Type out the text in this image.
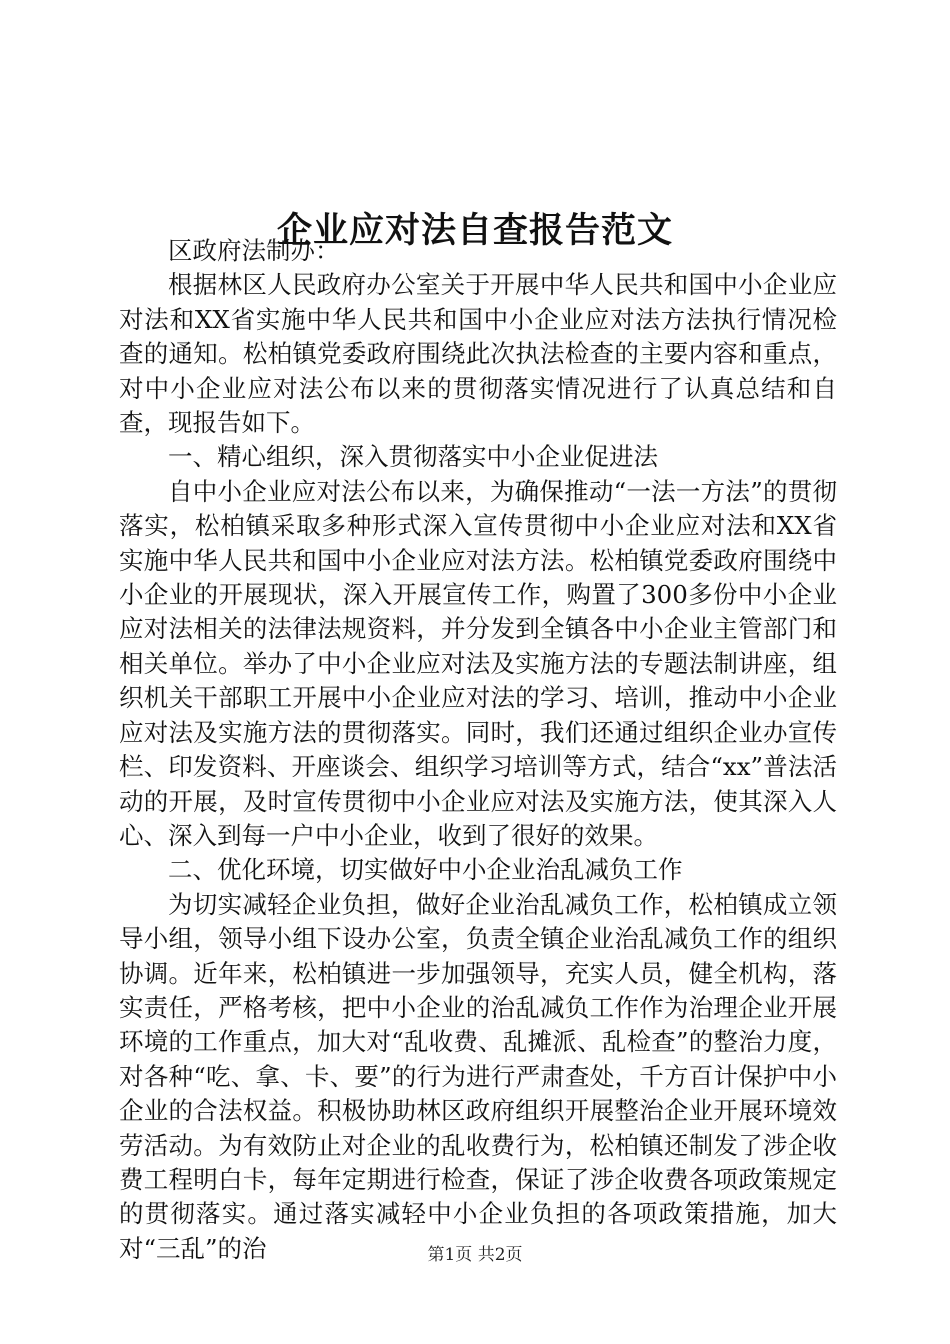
企业应对法自查报告范文

区政府法制办：

根据林区人民政府办公室关于开展中华人民共和国中小企业应对法和XX省实施中华人民共和国中小企业应对法方法执行情况检查的通知。松柏镇党委政府围绕此次执法检查的主要内容和重点，对中小企业应对法公布以来的贯彻落实情况进行了认真总结和自查，现报告如下。

一、精心组织，深入贯彻落实中小企业促进法

自中小企业应对法公布以来，为确保推动“一法一方法”的贯彻落实，松柏镇采取多种形式深入宣传贯彻中小企业应对法和XX省实施中华人民共和国中小企业应对法方法。松柏镇党委政府围绕中小企业的开展现状，深入开展宣传工作，购置了300多份中小企业应对法相关的法律法规资料，并分发到全镇各中小企业主管部门和相关单位。举办了中小企业应对法及实施方法的专题法制讲座，组织机关干部职工开展中小企业应对法的学习、培训，推动中小企业应对法及实施方法的贯彻落实。同时，我们还通过组织企业办宣传栏、印发资料、开座谈会、组织学习培训等方式，结合“xx”普法活动的开展，及时宣传贯彻中小企业应对法及实施方法，使其深入人心、深入到每一户中小企业，收到了很好的效果。

二、优化环境，切实做好中小企业治乱减负工作

为切实减轻企业负担，做好企业治乱减负工作，松柏镇成立领导小组，领导小组下设办公室，负责全镇企业治乱减负工作的组织协调。近年来，松柏镇进一步加强领导，充实人员，健全机构，落实责任，严格考核，把中小企业的治乱减负工作作为治理企业开展环境的工作重点，加大对“乱收费、乱摊派、乱检查”的整治力度，对各种“吃、拿、卡、要”的行为进行严肃查处，千方百计保护中小企业的合法权益。积极协助林区政府组织开展整治企业开展环境效劳活动。为有效防止对企业的乱收费行为，松柏镇还制发了涉企收费工程明白卡，每年定期进行检查，保证了涉企收费各项政策规定的贯彻落实。通过落实减轻中小企业负担的各项政策措施，加大对“三乱”的治	第1页 共2页
